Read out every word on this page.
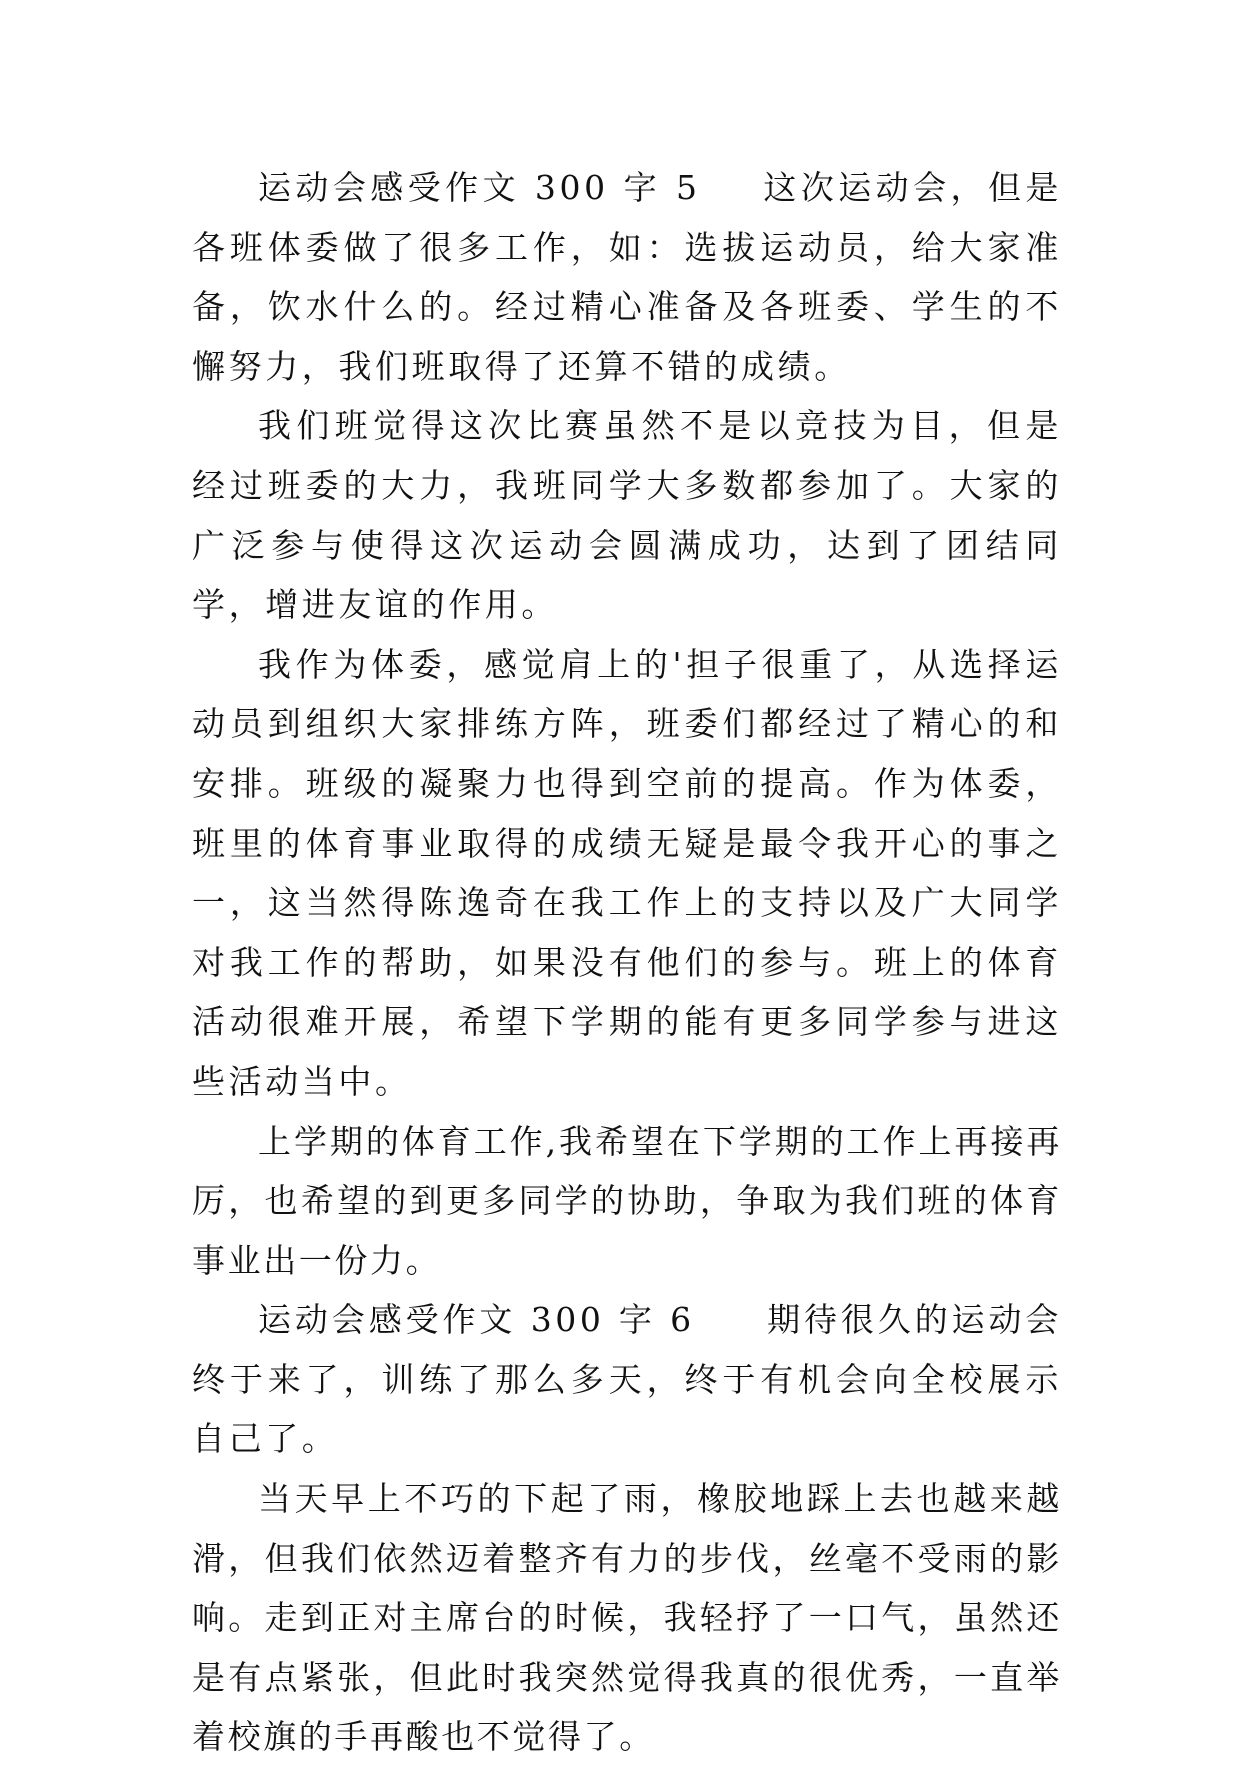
运动会感受作文 300 字 5 这次运动会，但是各班体委做了很多工作，如：选拔运动员，给大家准备，饮水什么的。经过精心准备及各班委、学生的不懈努力，我们班取得了还算不错的成绩。

我们班觉得这次比赛虽然不是以竞技为目，但是经过班委的大力，我班同学大多数都参加了。大家的广泛参与使得这次运动会圆满成功，达到了团结同学，增进友谊的作用。

我作为体委，感觉肩上的'担子很重了，从选择运动员到组织大家排练方阵，班委们都经过了精心的和安排。班级的凝聚力也得到空前的提高。作为体委，班里的体育事业取得的成绩无疑是最令我开心的事之一，这当然得陈逸奇在我工作上的支持以及广大同学对我工作的帮助，如果没有他们的参与。班上的体育活动很难开展，希望下学期的能有更多同学参与进这些活动当中。

上学期的体育工作,我希望在下学期的工作上再接再厉，也希望的到更多同学的协助，争取为我们班的体育事业出一份力。

运动会感受作文 300 字 6 期待很久的运动会终于来了，训练了那么多天，终于有机会向全校展示自己了。

当天早上不巧的下起了雨，橡胶地踩上去也越来越滑，但我们依然迈着整齐有力的步伐，丝毫不受雨的影响。走到正对主席台的时候，我轻抒了一口气，虽然还是有点紧张，但此时我突然觉得我真的很优秀，一直举着校旗的手再酸也不觉得了。
